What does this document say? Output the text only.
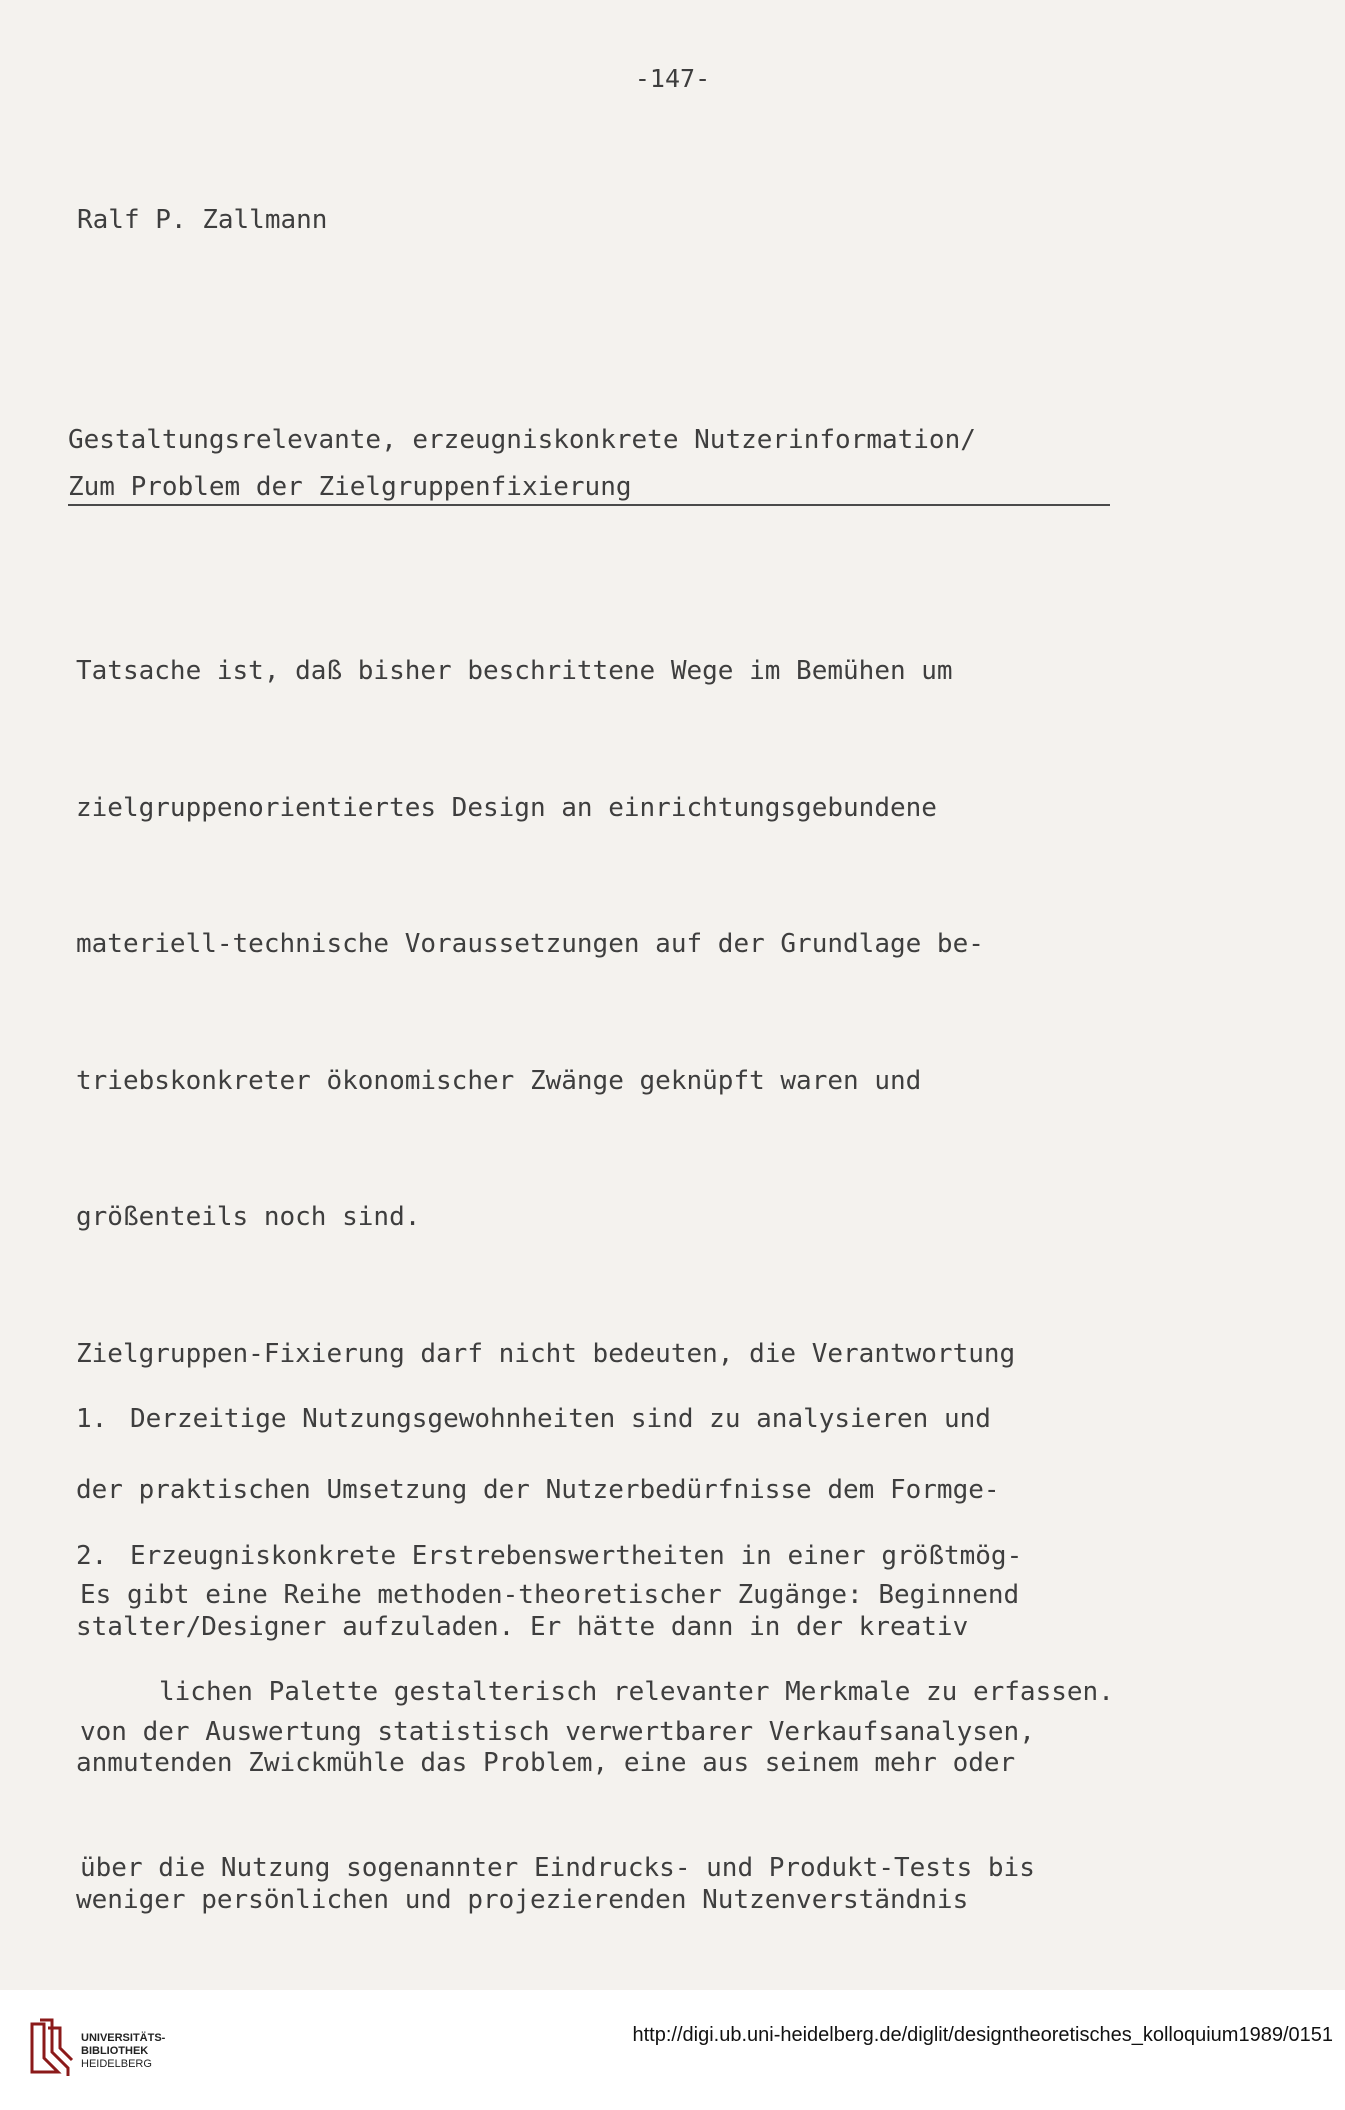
-147-
Ralf P. Zallmann
Gestaltungsrelevante, erzeugniskonkrete Nutzerinformation/
Zum Problem der Zielgruppenfixierung

Tatsache ist, daß bisher beschrittene Wege im Bemühen um

zielgruppenorientiertes Design an einrichtungsgebundene

materiell-technische Voraussetzungen auf der Grundlage be-

triebskonkreter ökonomischer Zwänge geknüpft waren und

größenteils noch sind.

Zielgruppen-Fixierung darf nicht bedeuten, die Verantwortung

der praktischen Umsetzung der Nutzerbedürfnisse dem Formge-

stalter/Designer aufzuladen. Er hätte dann in der kreativ

anmutenden Zwickmühle das Problem, eine aus seinem mehr oder

weniger persönlichen und projezierenden Nutzenverständnis

1. Derzeitige Nutzungsgewohnheiten sind zu analysieren und

2. Erzeugniskonkrete Erstrebenswertheiten in einer größtmög-

lichen Palette gestalterisch relevanter Merkmale zu erfassen.

Es gibt eine Reihe methoden-theoretischer Zugänge: Beginnend

von der Auswertung statistisch verwertbarer Verkaufsanalysen,

über die Nutzung sogenannter Eindrucks- und Produkt-Tests bis

UNIVERSITÄTS-
BIBLIOTHEK
HEIDELBERG
http://digi.ub.uni-heidelberg.de/diglit/designtheoretisches_kolloquium1989/0151
